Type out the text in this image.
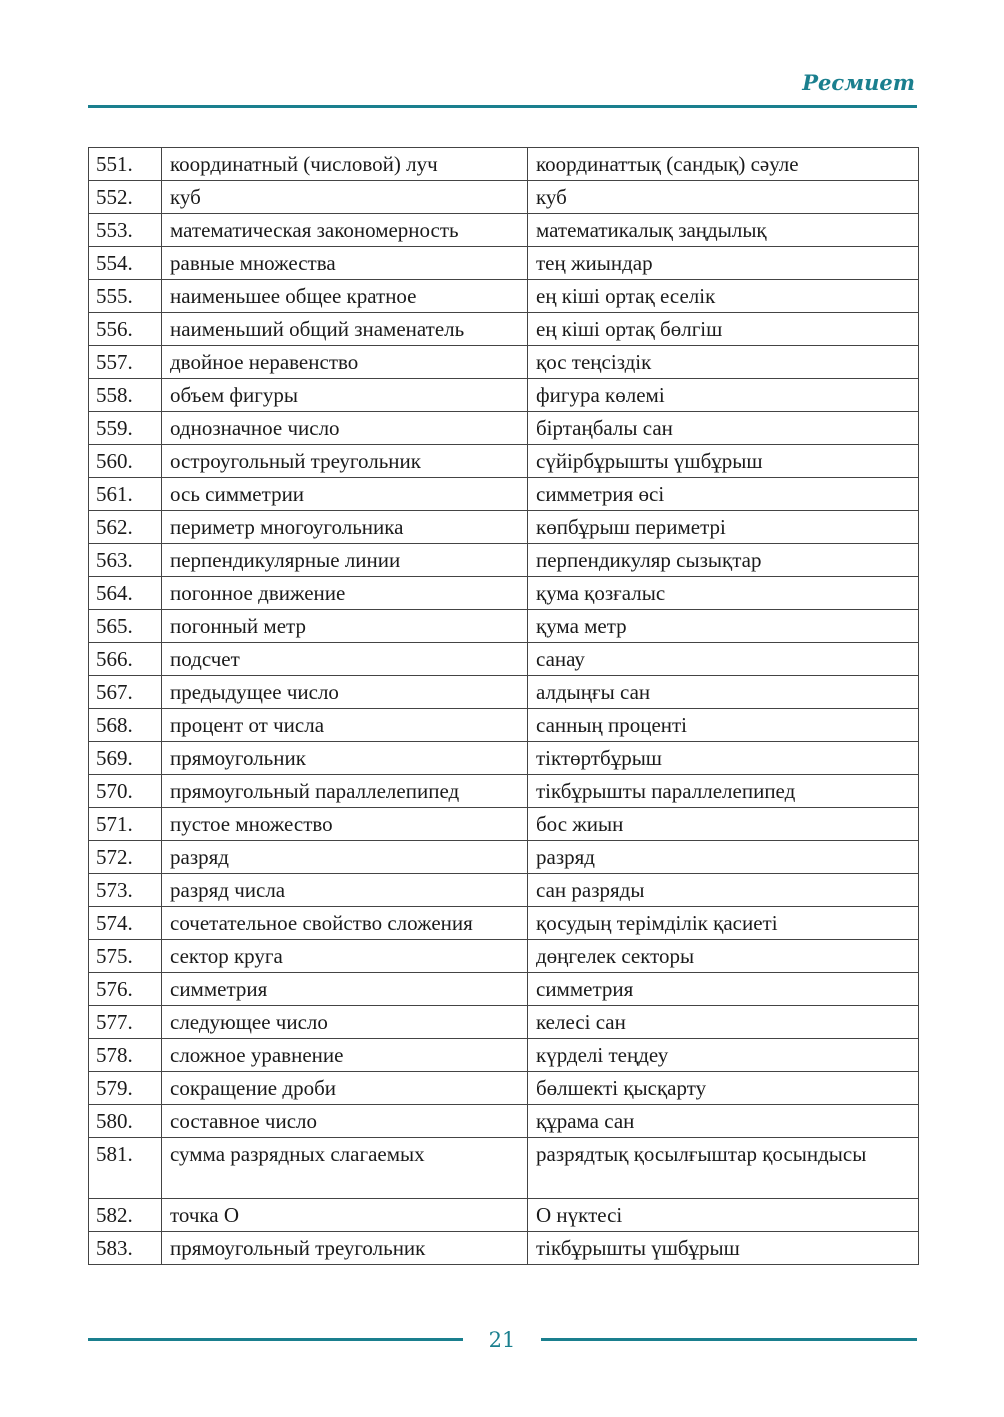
Ресмиет
551.	координатный (числовой) луч	координаттық (сандық) сәуле
552.	куб	куб
553.	математическая закономерность	математикалық заңдылық
554.	равные множества	тең жиындар
555.	наименьшее общее кратное	ең кіші ортақ еселік
556.	наименьший общий знаменатель	ең кіші ортақ бөлгіш
557.	двойное неравенство	қос теңсіздік
558.	объем фигуры	фигура көлемі
559.	однозначное число	біртаңбалы сан
560.	остроугольный треугольник	сүйірбұрышты үшбұрыш
561.	ось симметрии	симметрия өсі
562.	периметр многоугольника	көпбұрыш периметрі
563.	перпендикулярные линии	перпендикуляр сызықтар
564.	погонное движение	қума қозғалыс
565.	погонный метр	қума метр
566.	подсчет	санау
567.	предыдущее число	алдыңғы сан
568.	процент от числа	санның проценті
569.	прямоугольник	тіктөртбұрыш
570.	прямоугольный параллелепипед	тікбұрышты параллелепипед
571.	пустое множество	бос жиын
572.	разряд	разряд
573.	разряд числа	сан разряды
574.	сочетательное свойство сложения	қосудың терімділік қасиеті
575.	сектор круга	дөңгелек секторы
576.	симметрия	симметрия
577.	следующее число	келесі сан
578.	сложное уравнение	күрделі теңдеу
579.	сокращение дроби	бөлшекті қысқарту
580.	составное число	құрама сан
581.	сумма разрядных слагаемых	разрядтық қосылғыштар қосындысы
582.	точка О	О нүктесі
583.	прямоугольный треугольник	тікбұрышты үшбұрыш
21
